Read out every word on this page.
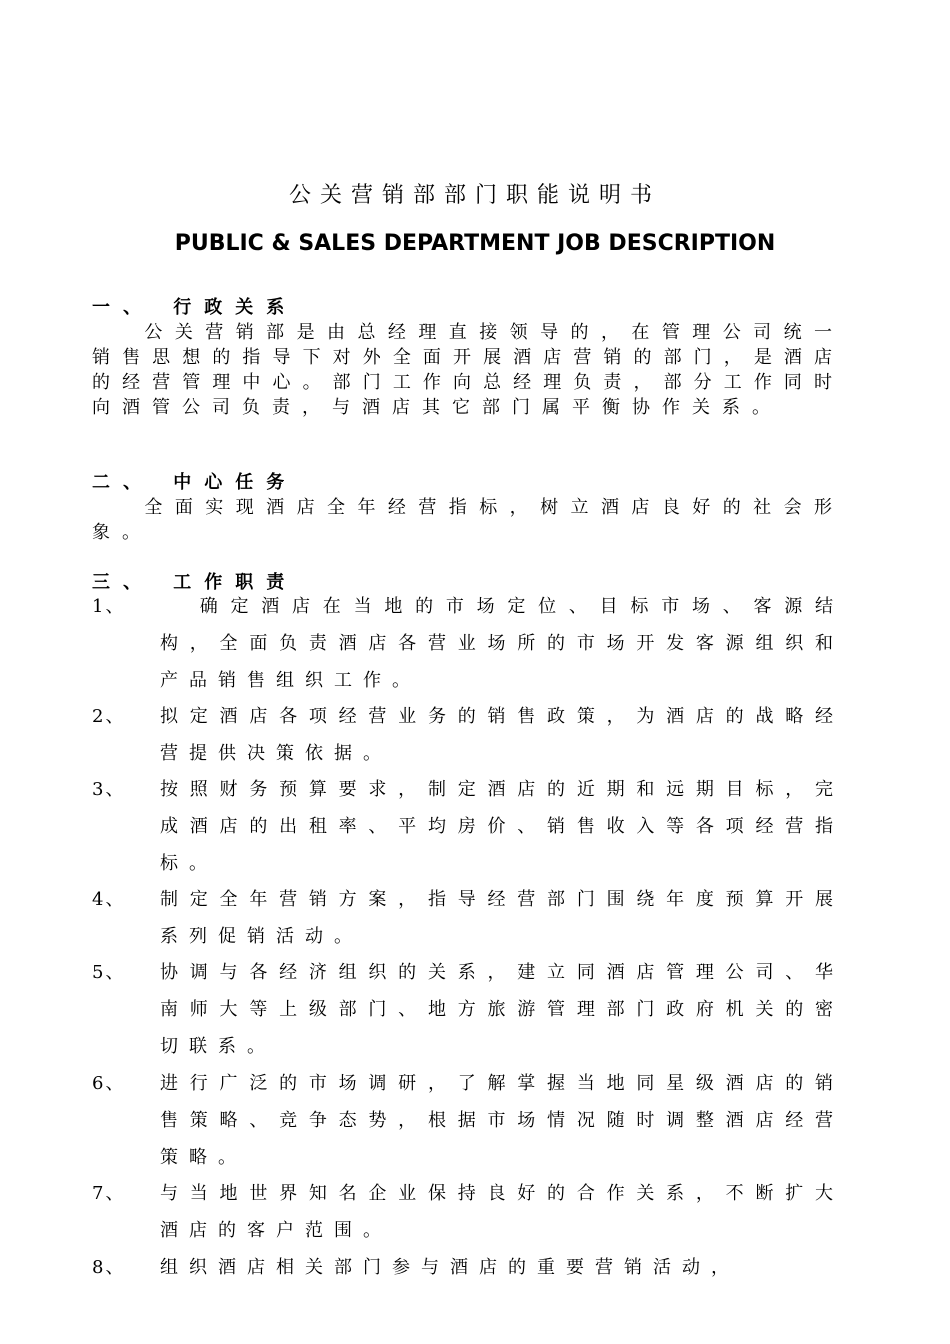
公关营销部部门职能说明书
PUBLIC & SALES DEPARTMENT JOB DESCRIPTION
一、 行政关系
公关营销部是由总经理直接领导的，在管理公司统一销售思想的指导下对外全面开展酒店营销的部门，是酒店的经营管理中心。部门工作向总经理负责，部分工作同时向酒管公司负责，与酒店其它部门属平衡协作关系。
二、 中心任务
全面实现酒店全年经营指标，树立酒店良好的社会形象。
三、 工作职责
1、	确定酒店在当地的市场定位、目标市场、客源结构，全面负责酒店各营业场所的市场开发客源组织和产品销售组织工作。
2、 拟定酒店各项经营业务的销售政策，为酒店的战略经营提供决策依据。
3、 按照财务预算要求，制定酒店的近期和远期目标，完成酒店的出租率、平均房价、销售收入等各项经营指标。
4、 制定全年营销方案，指导经营部门围绕年度预算开展系列促销活动。
5、 协调与各经济组织的关系，建立同酒店管理公司、华南师大等上级部门、地方旅游管理部门政府机关的密切联系。
6、 进行广泛的市场调研，了解掌握当地同星级酒店的销售策略、竞争态势，根据市场情况随时调整酒店经营策略。
7、 与当地世界知名企业保持良好的合作关系，不断扩大酒店的客户范围。
8、 组织酒店相关部门参与酒店的重要营销活动，
